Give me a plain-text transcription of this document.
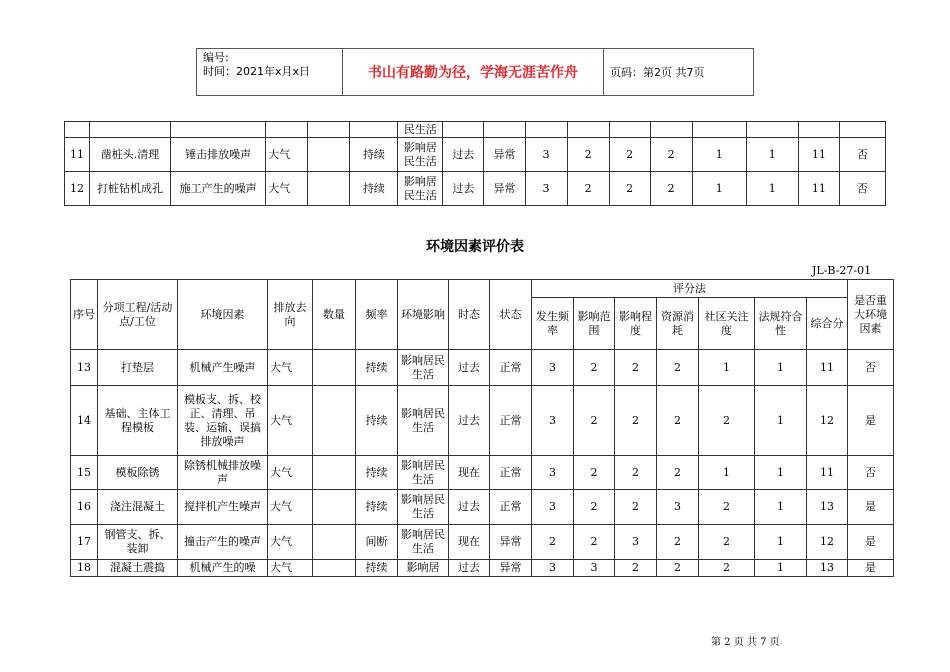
编号:
时间：2021年x月x日	书山有路勤为径，学海无涯苦作舟	页码：第2页 共7页
						民生活										
11	凿桩头.清理	锤击排放噪声	大气		持续	影响居民生活	过去	异常	3	2	2	2	1	1	11	否
12	打桩钻机成孔	施工产生的噪声	大气		持续	影响居民生活	过去	异常	3	2	2	2	1	1	11	否
环境因素评价表
JL-B-27-01
序号	分项工程/活动点/工位	环境因素	排放去向	数量	频率	环境影响	时态	状态	评分法							是否重大环境因素
									发生频率	影响范围	影响程度	资源消耗	社区关注度	法规符合性	综合分	
13	打垫层	机械产生噪声	大气		持续	影响居民生活	过去	正常	3	2	2	2	1	1	11	否
14	基础、主体工程模板	模板支、拆、校正、清理、吊装、运输、误搞排放噪声	大气		持续	影响居民生活	过去	正常	3	2	2	2	2	1	12	是
15	模板除锈	除锈机械排放噪声	大气		持续	影响居民生活	现在	正常	3	2	2	2	1	1	11	否
16	浇注混凝土	搅拌机产生噪声	大气		持续	影响居民生活	过去	正常	3	2	2	3	2	1	13	是
17	钢管支、拆、装卸	撞击产生的噪声	大气		间断	影响居民生活	现在	异常	2	2	3	2	2	1	12	是
18	混凝土震捣	机械产生的噪	大气		持续	影响居	过去	异常	3	3	2	2	2	1	13	是
第 2 页 共 7 页
